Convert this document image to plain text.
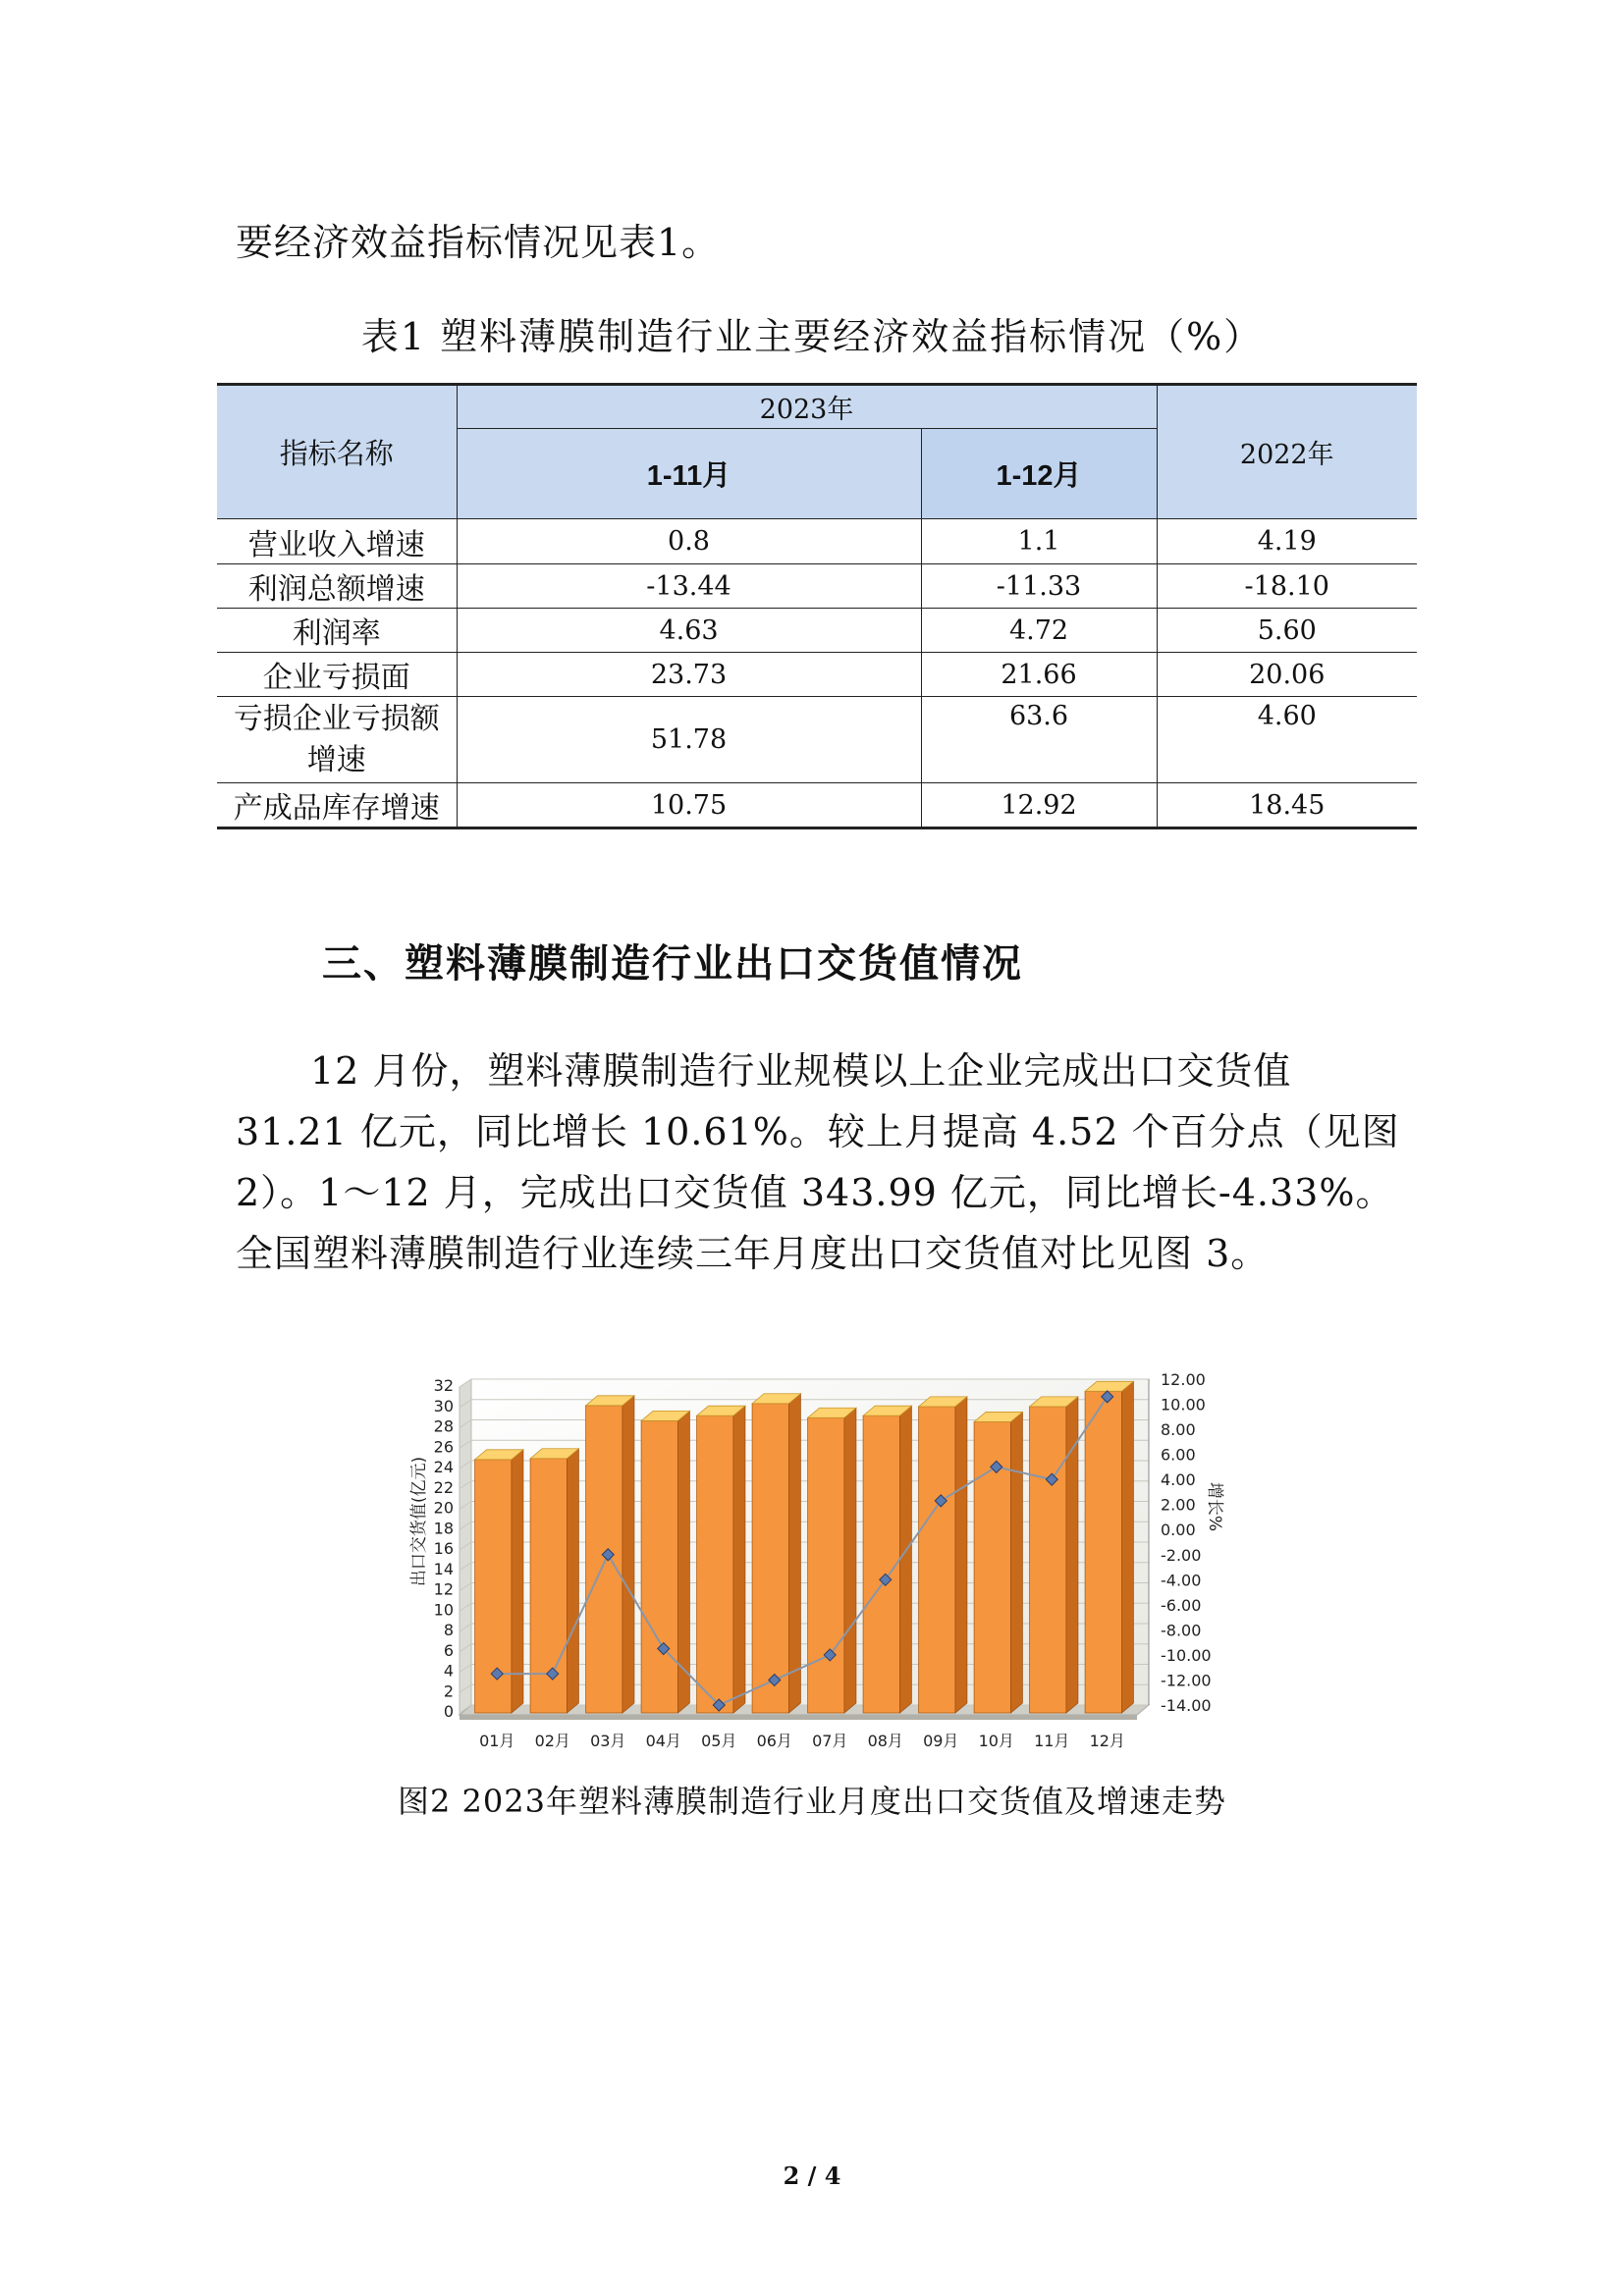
要经济效益指标情况见表1。
表1 塑料薄膜制造行业主要经济效益指标情况（%）
指标名称	2023年		2022年
	1-11月	1-12月	
营业收入增速	0.8	1.1	4.19
利润总额增速	-13.44	-11.33	-18.10
利润率	4.63	4.72	5.60
企业亏损面	23.73	21.66	20.06
亏损企业亏损额
增速	51.78	63.6	4.60
产成品库存增速	10.75	12.92	18.45
三、塑料薄膜制造行业出口交货值情况
12 月份，塑料薄膜制造行业规模以上企业完成出口交货值
31.21 亿元，同比增长 10.61%。较上月提高 4.52 个百分点（见图
2）。1～12 月，完成出口交货值 343.99 亿元，同比增长-4.33%。
全国塑料薄膜制造行业连续三年月度出口交货值对比见图 3。
0
2
4
6
8
10
12
14
16
18
20
22
24
26
28
30
32	12.00
10.00
8.00
6.00
4.00
2.00
0.00
-2.00
-4.00
-6.00
-8.00
-10.00
-12.00
-14.00
01月 02月 03月 04月 05月 06月 07月 08月 09月 10月 11月 12月
出口交货值(亿元)	增长%
图2 2023年塑料薄膜制造行业月度出口交货值及增速走势
2 / 4
